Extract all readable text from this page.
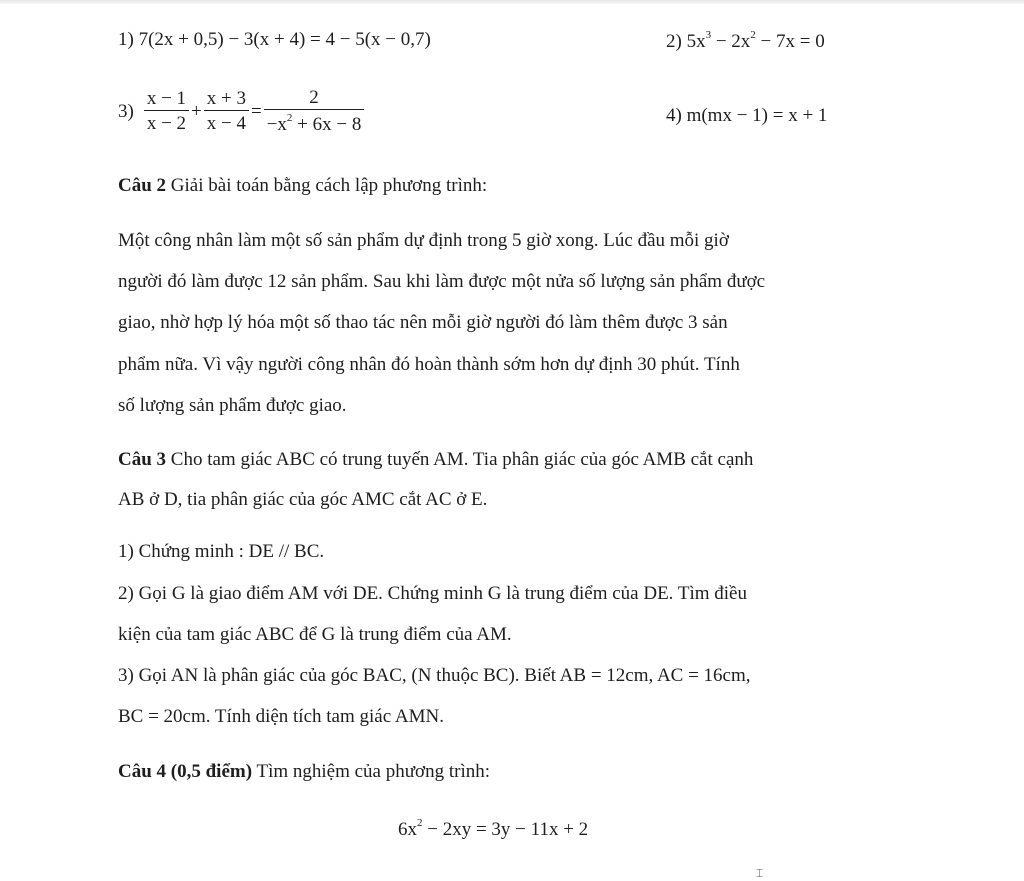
1) 7(2x + 0,5) − 3(x + 4) = 4 − 5(x − 0,7)	2) $5x^3 - 2x^2 - 7x = 0$
$3) \frac{x - 1}{x - 2} + \frac{x + 3}{x - 4} = \frac{2}{-x^2 + 6x - 8}$	4) m(mx − 1) = x + 1
Câu 2 Giải bài toán bằng cách lập phương trình:
Một công nhân làm một số sản phẩm dự định trong 5 giờ xong. Lúc đầu mỗi giờ
người đó làm được 12 sản phẩm. Sau khi làm được một nửa số lượng sản phẩm được
giao, nhờ hợp lý hóa một số thao tác nên mỗi giờ người đó làm thêm được 3 sản
phẩm nữa. Vì vậy người công nhân đó hoàn thành sớm hơn dự định 30 phút. Tính
số lượng sản phẩm được giao.
Câu 3 Cho tam giác ABC có trung tuyến AM. Tia phân giác của góc AMB cắt cạnh
AB ở D, tia phân giác của góc AMC cắt AC ở E.
1) Chứng minh : DE // BC.
2) Gọi G là giao điểm AM với DE. Chứng minh G là trung điểm của DE. Tìm điều
kiện của tam giác ABC để G là trung điểm của AM.
3) Gọi AN là phân giác của góc BAC, (N thuộc BC). Biết AB = 12cm, AC = 16cm,
BC = 20cm. Tính diện tích tam giác AMN.
Câu 4 (0,5 điểm) Tìm nghiệm của phương trình:
$6x^2 - 2xy = 3y - 11x + 2$
⌶
